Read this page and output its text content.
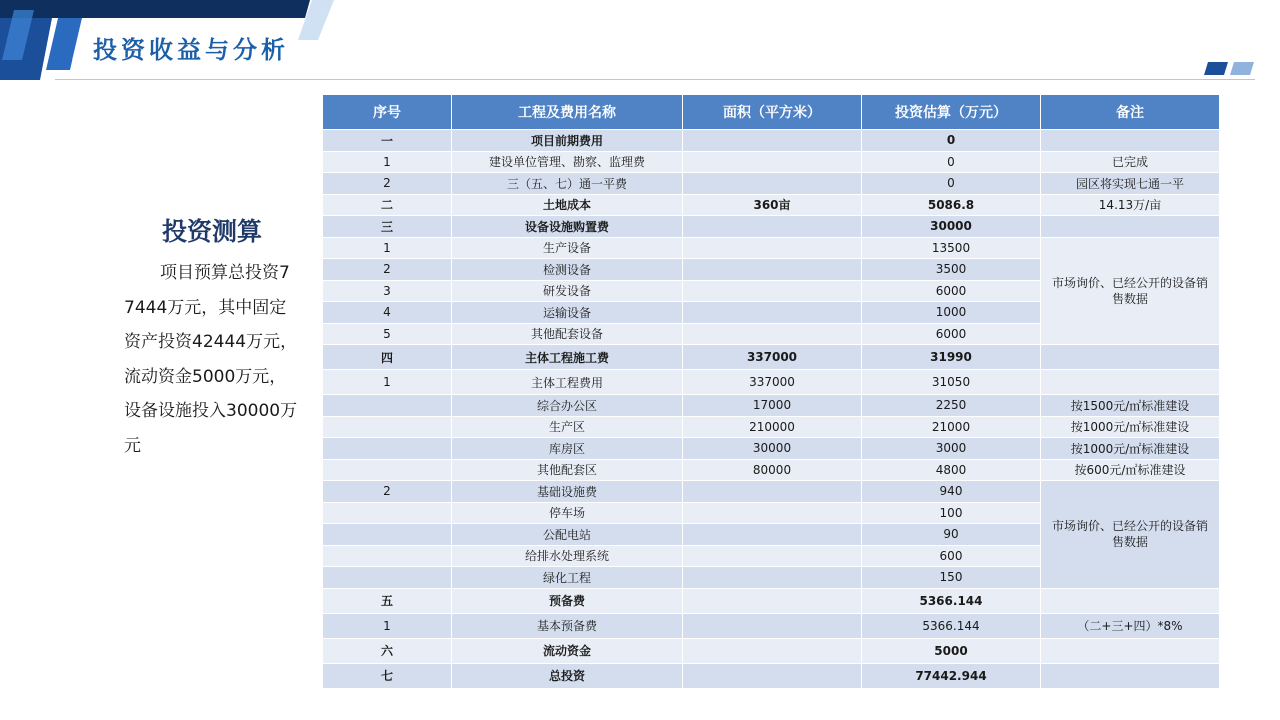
投资收益与分析
投资测算
项目预算总投资77444万元，其中固定资产投资42444万元，流动资金5000万元，设备设施投入30000万元
序号	工程及费用名称	面积（平方米）	投资估算（万元）	备注
一	项目前期费用		0	
1	建设单位管理、勘察、监理费		0	已完成
2	三（五、七）通一平费		0	园区将实现七通一平
二	土地成本	360亩	5086.8	14.13万/亩
三	设备设施购置费		30000	
1	生产设备		13500	市场询价、已经公开的设备销售数据
2	检测设备		3500	
3	研发设备		6000	
4	运输设备		1000	
5	其他配套设备		6000	
四	主体工程施工费	337000	31990	
1	主体工程费用	337000	31050	
	综合办公区	17000	2250	按1500元/㎡标准建设
	生产区	210000	21000	按1000元/㎡标准建设
	库房区	30000	3000	按1000元/㎡标准建设
	其他配套区	80000	4800	按600元/㎡标准建设
2	基础设施费		940	市场询价、已经公开的设备销售数据
	停车场		100	
	公配电站		90	
	给排水处理系统		600	
	绿化工程		150	
五	预备费		5366.144	
1	基本预备费		5366.144	（二+三+四）*8%
六	流动资金		5000	
七	总投资		77442.944	
